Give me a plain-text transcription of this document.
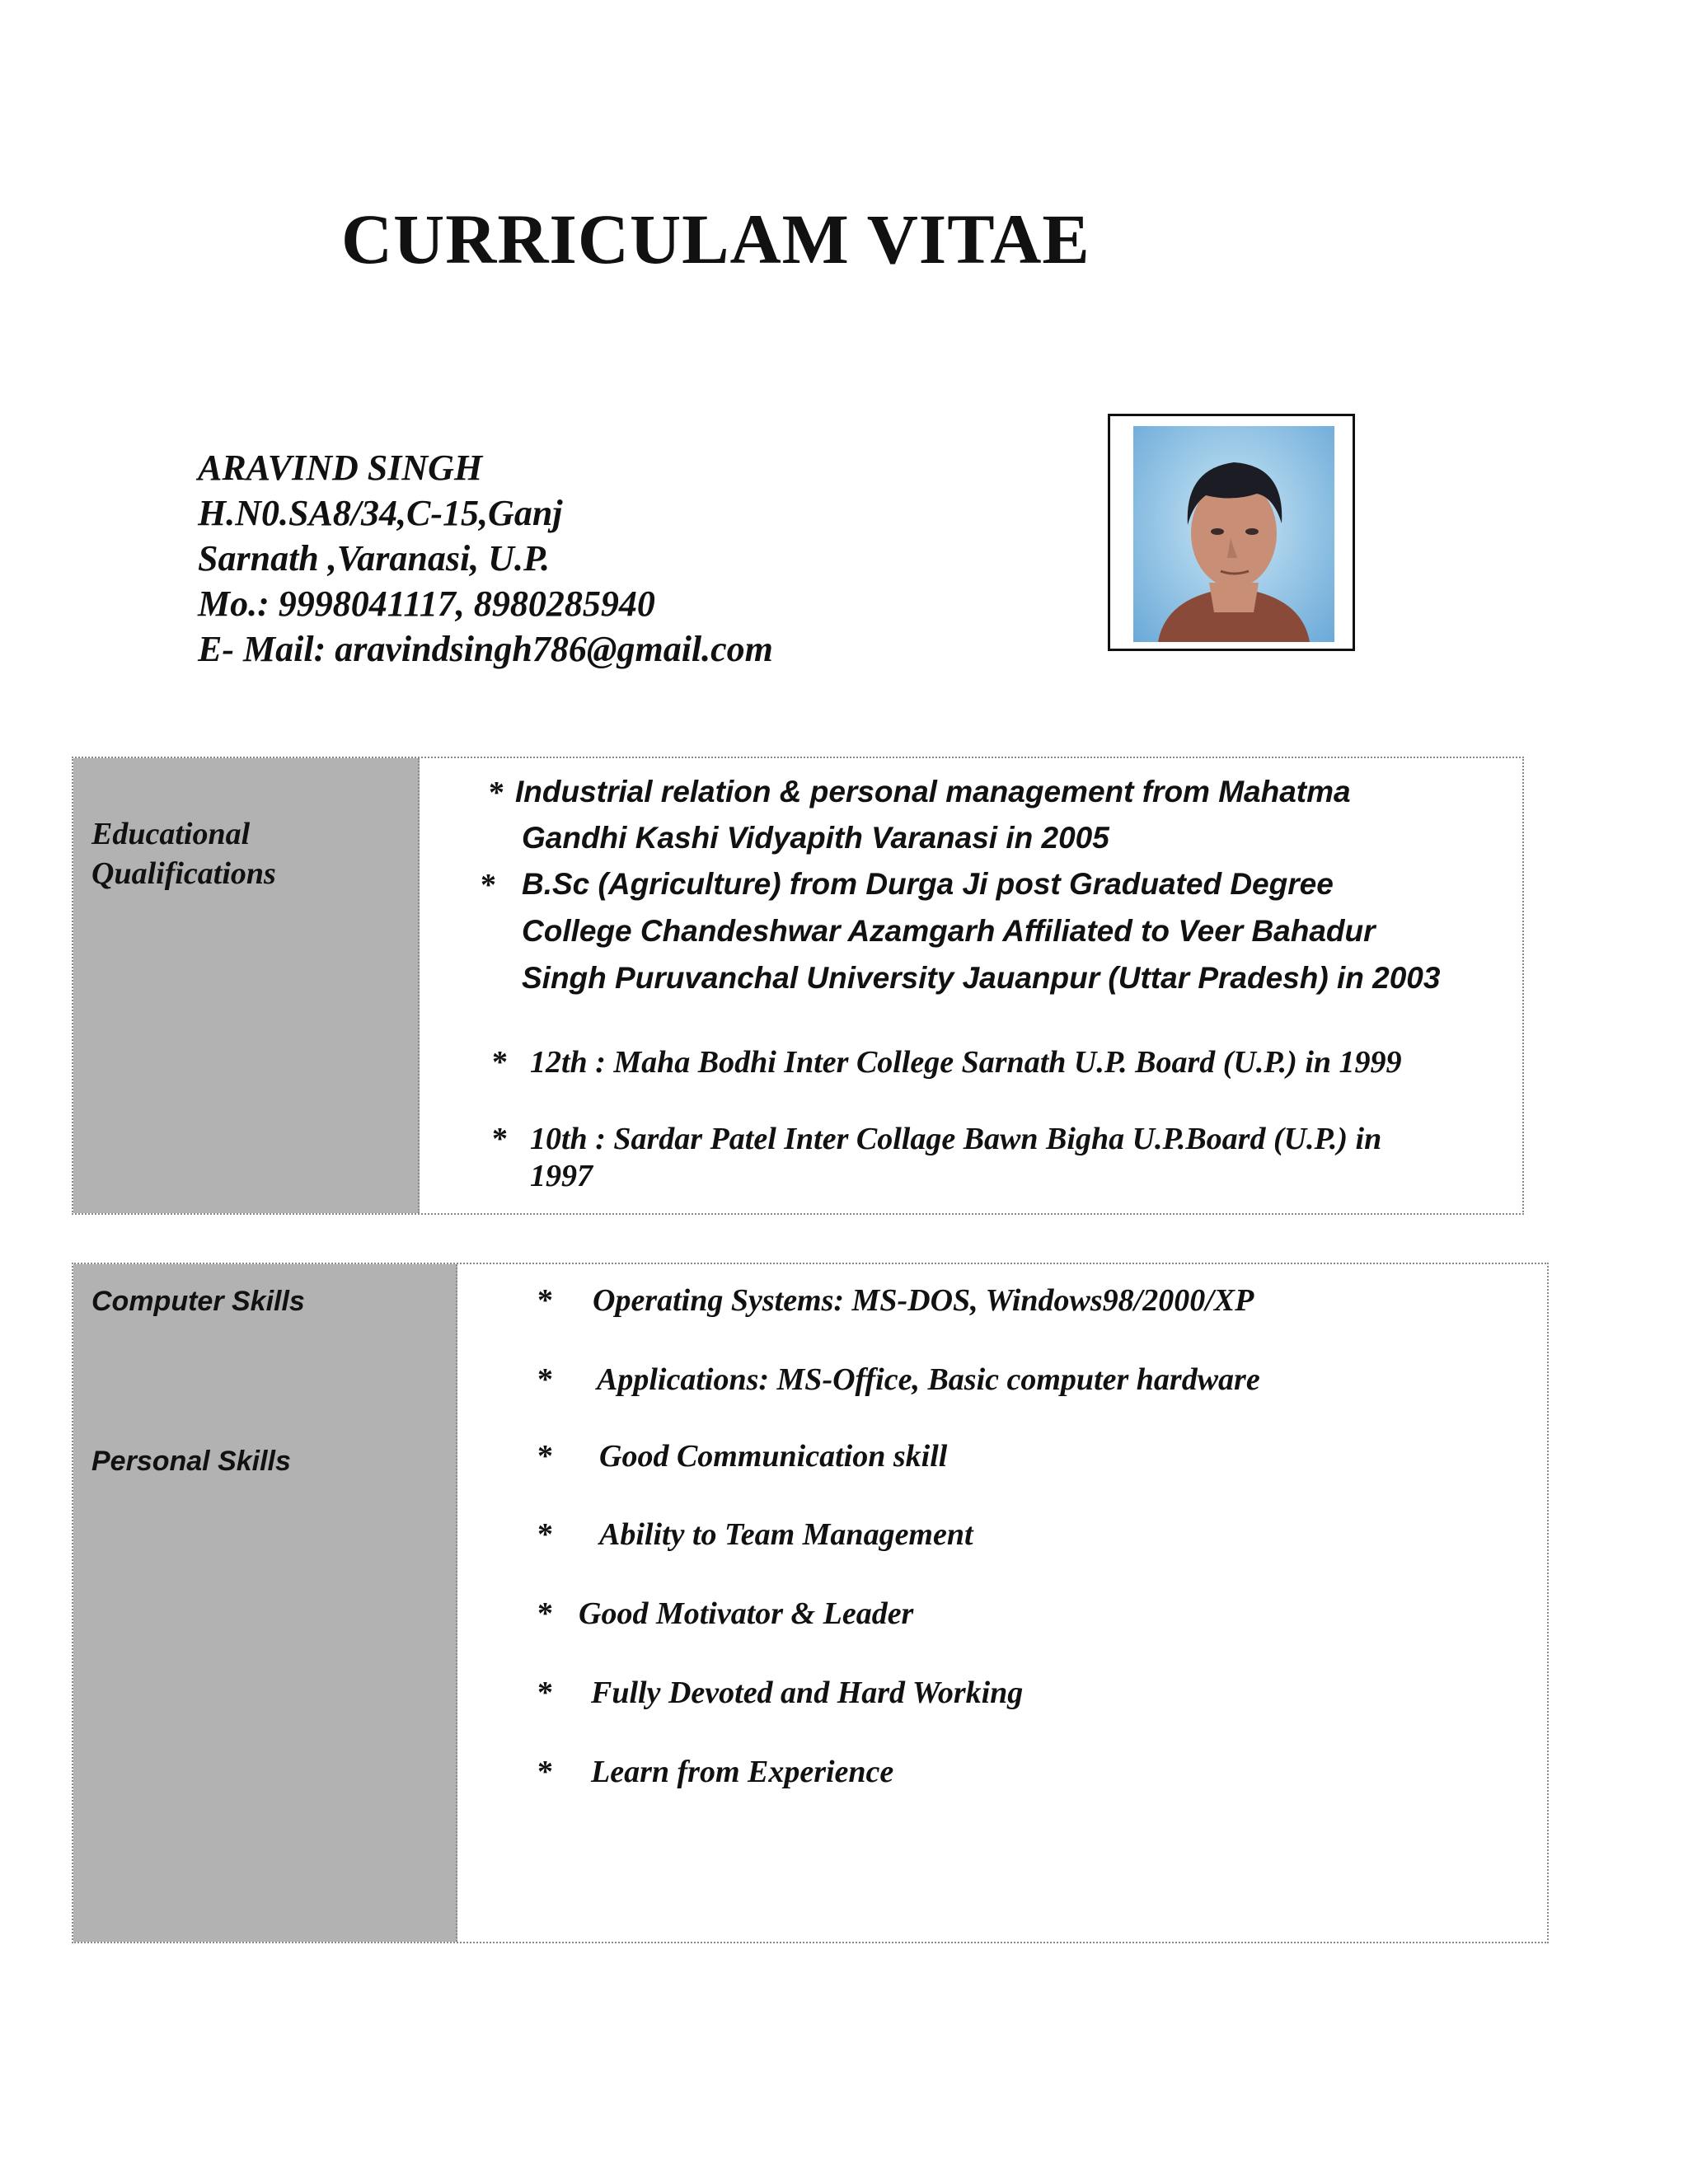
CURRICULAM VITAE
ARAVIND SINGH
H.N0.SA8/34,C-15,Ganj
Sarnath ,Varanasi, U.P.
Mo.: 9998041117, 8980285940
E- Mail: aravindsingh786@gmail.com
Educational
Qualifications
* Industrial relation & personal management from Mahatma
Gandhi Kashi Vidyapith Varanasi in 2005
* B.Sc (Agriculture) from Durga Ji post Graduated Degree
College Chandeshwar Azamgarh Affiliated to Veer Bahadur
Singh Puruvanchal University Jauanpur (Uttar Pradesh) in 2003
* 12th : Maha Bodhi Inter College Sarnath U.P. Board (U.P.) in 1999
* 10th : Sardar Patel Inter Collage Bawn Bigha U.P.Board (U.P.) in
1997
Computer Skills
Personal Skills
* Operating Systems: MS-DOS, Windows98/2000/XP
* Applications: MS-Office, Basic computer hardware
* Good Communication skill
* Ability to Team Management
* Good Motivator & Leader
* Fully Devoted and Hard Working
* Learn from Experience
